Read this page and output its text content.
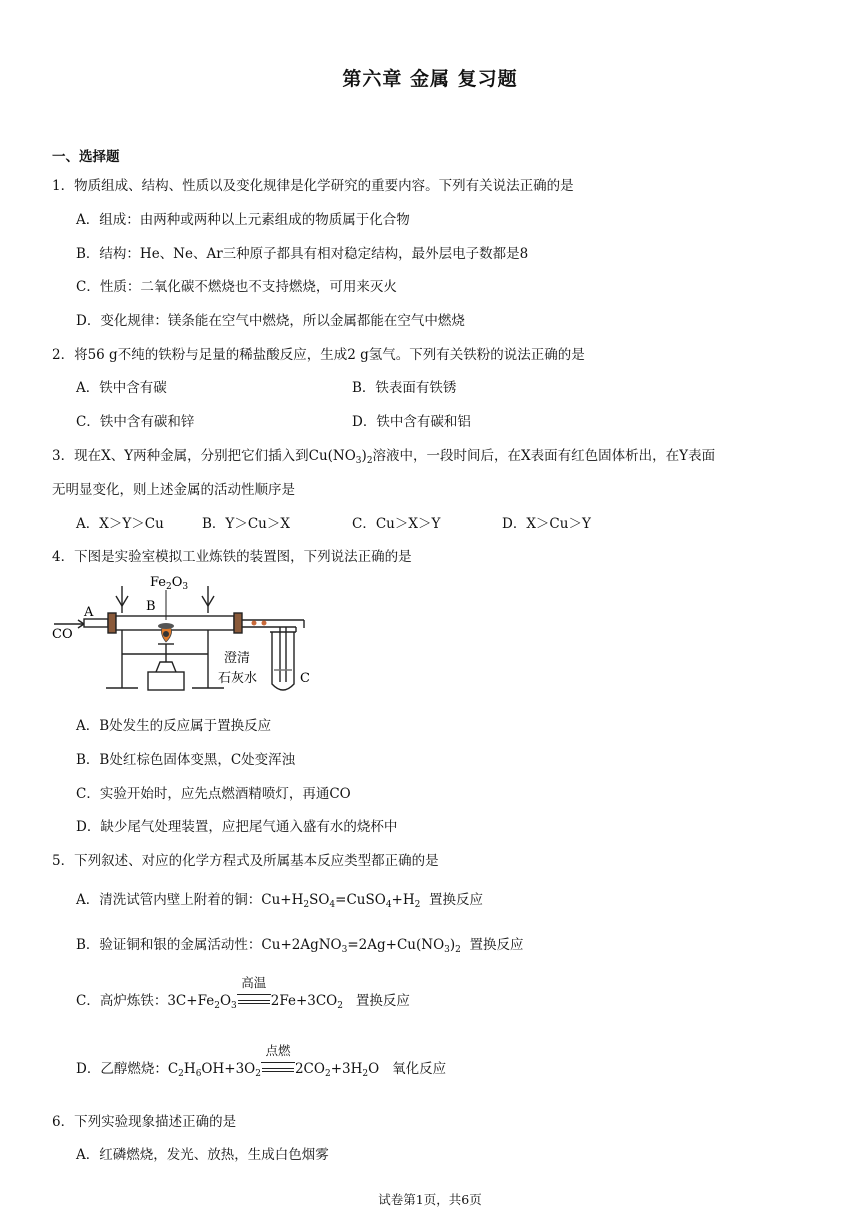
第六章 金属 复习题
一、选择题
1．物质组成、结构、性质以及变化规律是化学研究的重要内容。下列有关说法正确的是
A．组成：由两种或两种以上元素组成的物质属于化合物
B．结构：He、Ne、Ar三种原子都具有相对稳定结构，最外层电子数都是8
C．性质：二氧化碳不燃烧也不支持燃烧，可用来灭火
D．变化规律：镁条能在空气中燃烧，所以金属都能在空气中燃烧
2．将56 g不纯的铁粉与足量的稀盐酸反应，生成2 g氢气。下列有关铁粉的说法正确的是
A．铁中含有碳	B．铁表面有铁锈
C．铁中含有碳和锌	D．铁中含有碳和铝
3．现在X、Y两种金属，分别把它们插入到$Cu(NO_3)_2$溶液中，一段时间后，在X表面有红色固体析出，在Y表面
无明显变化，则上述金属的活动性顺序是
A．X＞Y＞Cu	B．Y＞Cu＞X	C．Cu＞X＞Y	D．X＞Cu＞Y
4．下图是实验室模拟工业炼铁的装置图，下列说法正确的是
$Fe_2O_3$
A	B
C
CO
澄清
石灰水
A．B处发生的反应属于置换反应
B．B处红棕色固体变黑，C处变浑浊
C．实验开始时，应先点燃酒精喷灯，再通CO
D．缺少尾气处理装置，应把尾气通入盛有水的烧杯中
5．下列叙述、对应的化学方程式及所属基本反应类型都正确的是
A．清洗试管内壁上附着的铜：$Cu+H_2SO_4=CuSO_4+H_2$ 置换反应
B．验证铜和银的金属活动性：$Cu+2AgNO_3=2Ag+Cu(NO_3)_2$ 置换反应
C．高炉炼铁：$3C+Fe_2O_3$
高温
$2Fe+3CO_2$ 置换反应
D．乙醇燃烧：$C_2H_6OH+3O_2$
点燃
$2CO_2+3H_2O$ 氧化反应
6．下列实验现象描述正确的是
A．红磷燃烧，发光、放热，生成白色烟雾
试卷第1页，共6页
